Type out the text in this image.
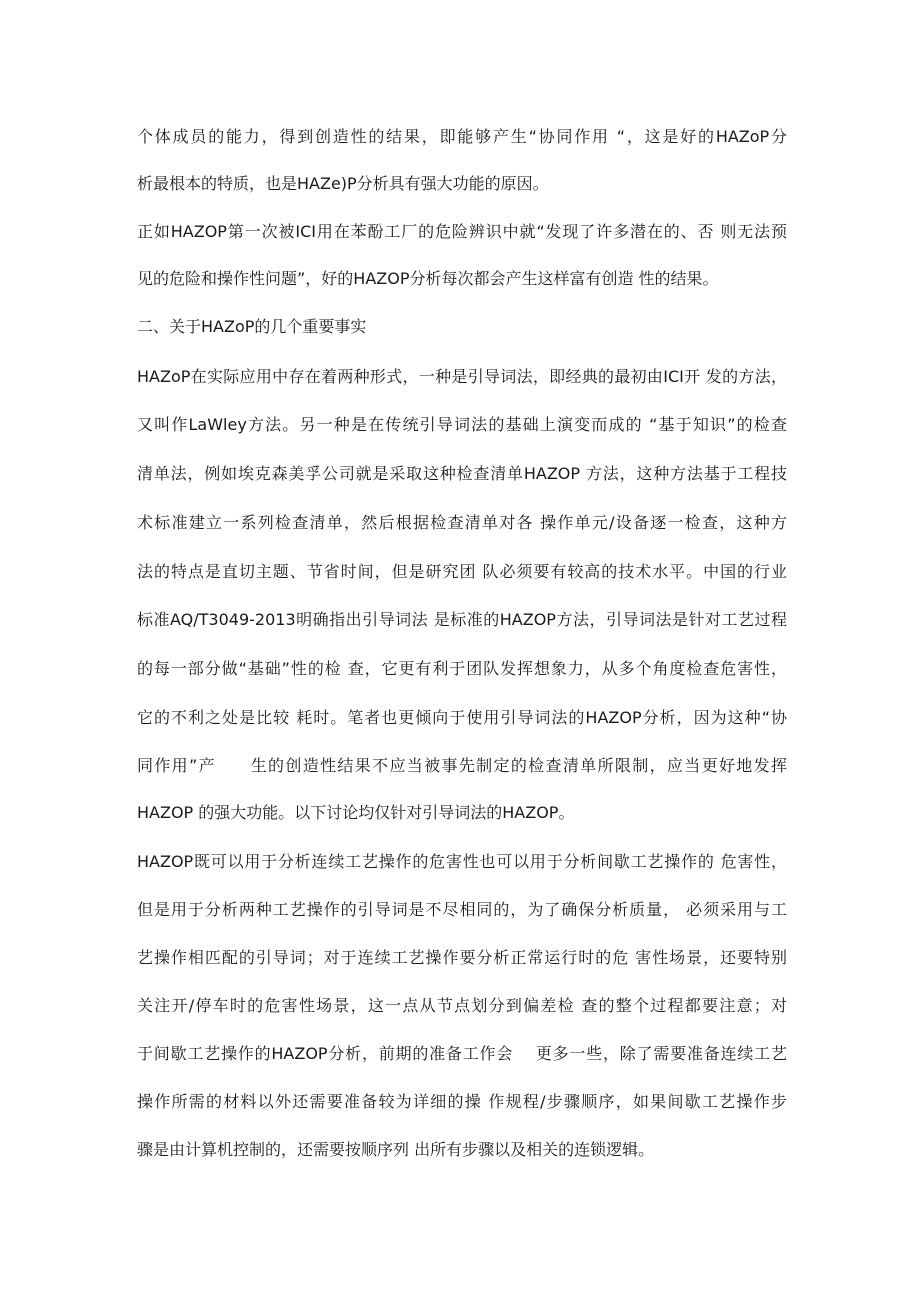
个体成员的能力，得到创造性的结果，即能够产生“协同作用 “，这是好的HAZoP分
析最根本的特质，也是HAZe)P分析具有强大功能的原因。
正如HAZOP第一次被ICI用在苯酚工厂的危险辨识中就“发现了许多潜在的、否 则无法预
见的危险和操作性问题”，好的HAZOP分析每次都会产生这样富有创造 性的结果。
二、关于HAZoP的几个重要事实
HAZoP在实际应用中存在着两种形式，一种是引导词法，即经典的最初由ICI开 发的方法，
又叫作LaWley方法。另一种是在传统引导词法的基础上演变而成的 “基于知识”的检查
清单法，例如埃克森美孚公司就是采取这种检查清单HAZOP 方法，这种方法基于工程技
术标准建立一系列检查清单，然后根据检查清单对各 操作单元/设备逐一检查，这种方
法的特点是直切主题、节省时间，但是研究团 队必须要有较高的技术水平。中国的行业
标准AQ/T3049-2013明确指出引导词法 是标准的HAZOP方法，引导词法是针对工艺过程
的每一部分做“基础”性的检 查，它更有利于团队发挥想象力，从多个角度检查危害性，
它的不利之处是比较 耗时。笔者也更倾向于使用引导词法的HAZOP分析，因为这种“协
同作用”产　　生的创造性结果不应当被事先制定的检查清单所限制，应当更好地发挥
HAZOP 的强大功能。以下讨论均仅针对引导词法的HAZOP。
HAZOP既可以用于分析连续工艺操作的危害性也可以用于分析间歇工艺操作的 危害性，
但是用于分析两种工艺操作的引导词是不尽相同的，为了确保分析质量， 必须采用与工
艺操作相匹配的引导词；对于连续工艺操作要分析正常运行时的危 害性场景，还要特别
关注开/停车时的危害性场景，这一点从节点划分到偏差检 查的整个过程都要注意；对
于间歇工艺操作的HAZOP分析，前期的准备工作会 　更多一些，除了需要准备连续工艺
操作所需的材料以外还需要准备较为详细的操 作规程/步骤顺序，如果间歇工艺操作步
骤是由计算机控制的，还需要按顺序列 出所有步骤以及相关的连锁逻辑。
